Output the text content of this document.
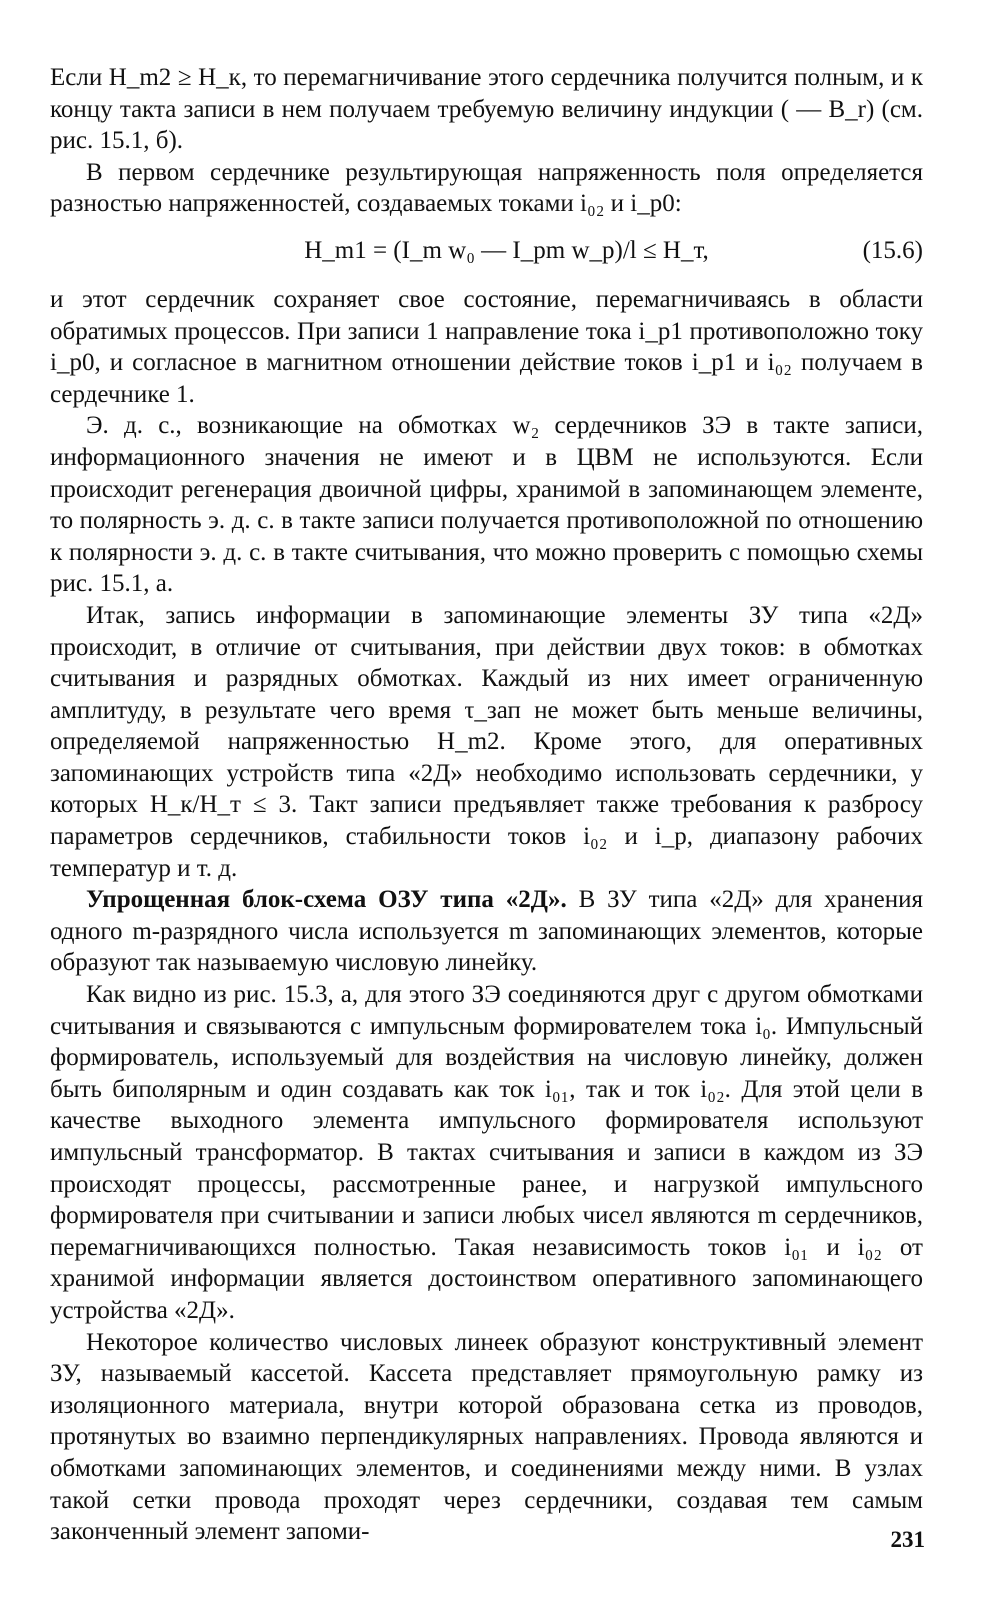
Если H_m2 ≥ H_к, то перемагничивание этого сердечника получится полным, и к концу такта записи в нем получаем требуемую величину индукции ( — B_r) (см. рис. 15.1, б).

В первом сердечнике результирующая напряженность поля определяется разностью напряженностей, создаваемых токами i₀₂ и i_p0:

H_m1 = (I_m w₀ — I_pm w_p)/l ≤ H_т,	(15.6)

и этот сердечник сохраняет свое состояние, перемагничиваясь в области обратимых процессов. При записи 1 направление тока i_p1 противоположно току i_p0, и согласное в магнитном отношении действие токов i_p1 и i₀₂ получаем в сердечнике 1.

Э. д. с., возникающие на обмотках w₂ сердечников ЗЭ в такте записи, информационного значения не имеют и в ЦВМ не используются. Если происходит регенерация двоичной цифры, хранимой в запоминающем элементе, то полярность э. д. с. в такте записи получается противоположной по отношению к полярности э. д. с. в такте считывания, что можно проверить с помощью схемы рис. 15.1, а.

Итак, запись информации в запоминающие элементы ЗУ типа «2Д» происходит, в отличие от считывания, при действии двух токов: в обмотках считывания и разрядных обмотках. Каждый из них имеет ограниченную амплитуду, в результате чего время τ_зап не может быть меньше величины, определяемой напряженностью H_m2. Кроме этого, для оперативных запоминающих устройств типа «2Д» необходимо использовать сердечники, у которых H_к/H_т ≤ 3. Такт записи предъявляет также требования к разбросу параметров сердечников, стабильности токов i₀₂ и i_p, диапазону рабочих температур и т. д.

Упрощенная блок-схема ОЗУ типа «2Д». В ЗУ типа «2Д» для хранения одного m-разрядного числа используется m запоминающих элементов, которые образуют так называемую числовую линейку.

Как видно из рис. 15.3, а, для этого ЗЭ соединяются друг с другом обмотками считывания и связываются с импульсным формирователем тока i₀. Импульсный формирователь, используемый для воздействия на числовую линейку, должен быть биполярным и один создавать как ток i₀₁, так и ток i₀₂. Для этой цели в качестве выходного элемента импульсного формирователя используют импульсный трансформатор. В тактах считывания и записи в каждом из ЗЭ происходят процессы, рассмотренные ранее, и нагрузкой импульсного формирователя при считывании и записи любых чисел являются m сердечников, перемагничивающихся полностью. Такая независимость токов i₀₁ и i₀₂ от хранимой информации является достоинством оперативного запоминающего устройства «2Д».

Некоторое количество числовых линеек образуют конструктивный элемент ЗУ, называемый кассетой. Кассета представляет прямоугольную рамку из изоляционного материала, внутри которой образована сетка из проводов, протянутых во взаимно перпендикулярных направлениях. Провода являются и обмотками запоминающих элементов, и соединениями между ними. В узлах такой сетки провода проходят через сердечники, создавая тем самым законченный элемент запоми-	231
